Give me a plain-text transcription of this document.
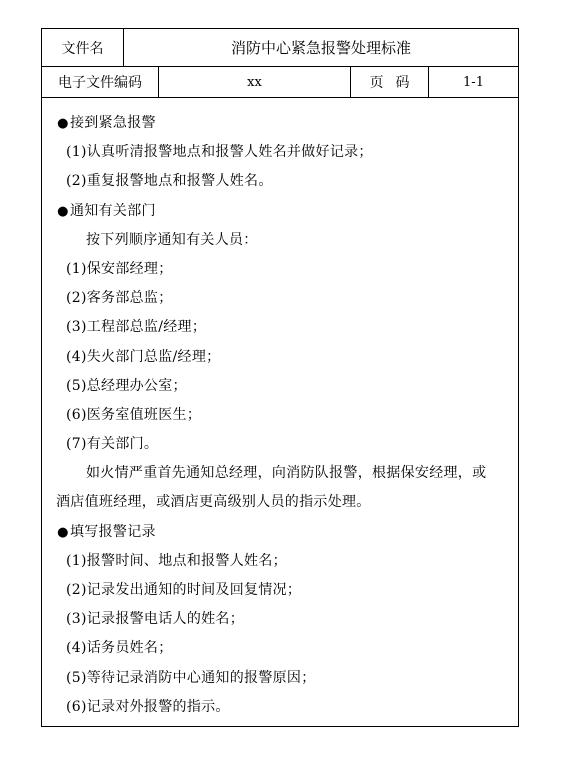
文件名	消防中心紧急报警处理标准
电子文件编码	xx	页码	1-1
●接到紧急报警
(1)认真听清报警地点和报警人姓名并做好记录；
(2)重复报警地点和报警人姓名。
●通知有关部门
按下列顺序通知有关人员：
(1)保安部经理；
(2)客务部总监；
(3)工程部总监/经理；
(4)失火部门总监/经理；
(5)总经理办公室；
(6)医务室值班医生；
(7)有关部门。
如火情严重首先通知总经理，向消防队报警，根据保安经理，或
酒店值班经理，或酒店更高级别人员的指示处理。
●填写报警记录
(1)报警时间、地点和报警人姓名；
(2)记录发出通知的时间及回复情况；
(3)记录报警电话人的姓名；
(4)话务员姓名；
(5)等待记录消防中心通知的报警原因；
(6)记录对外报警的指示。
